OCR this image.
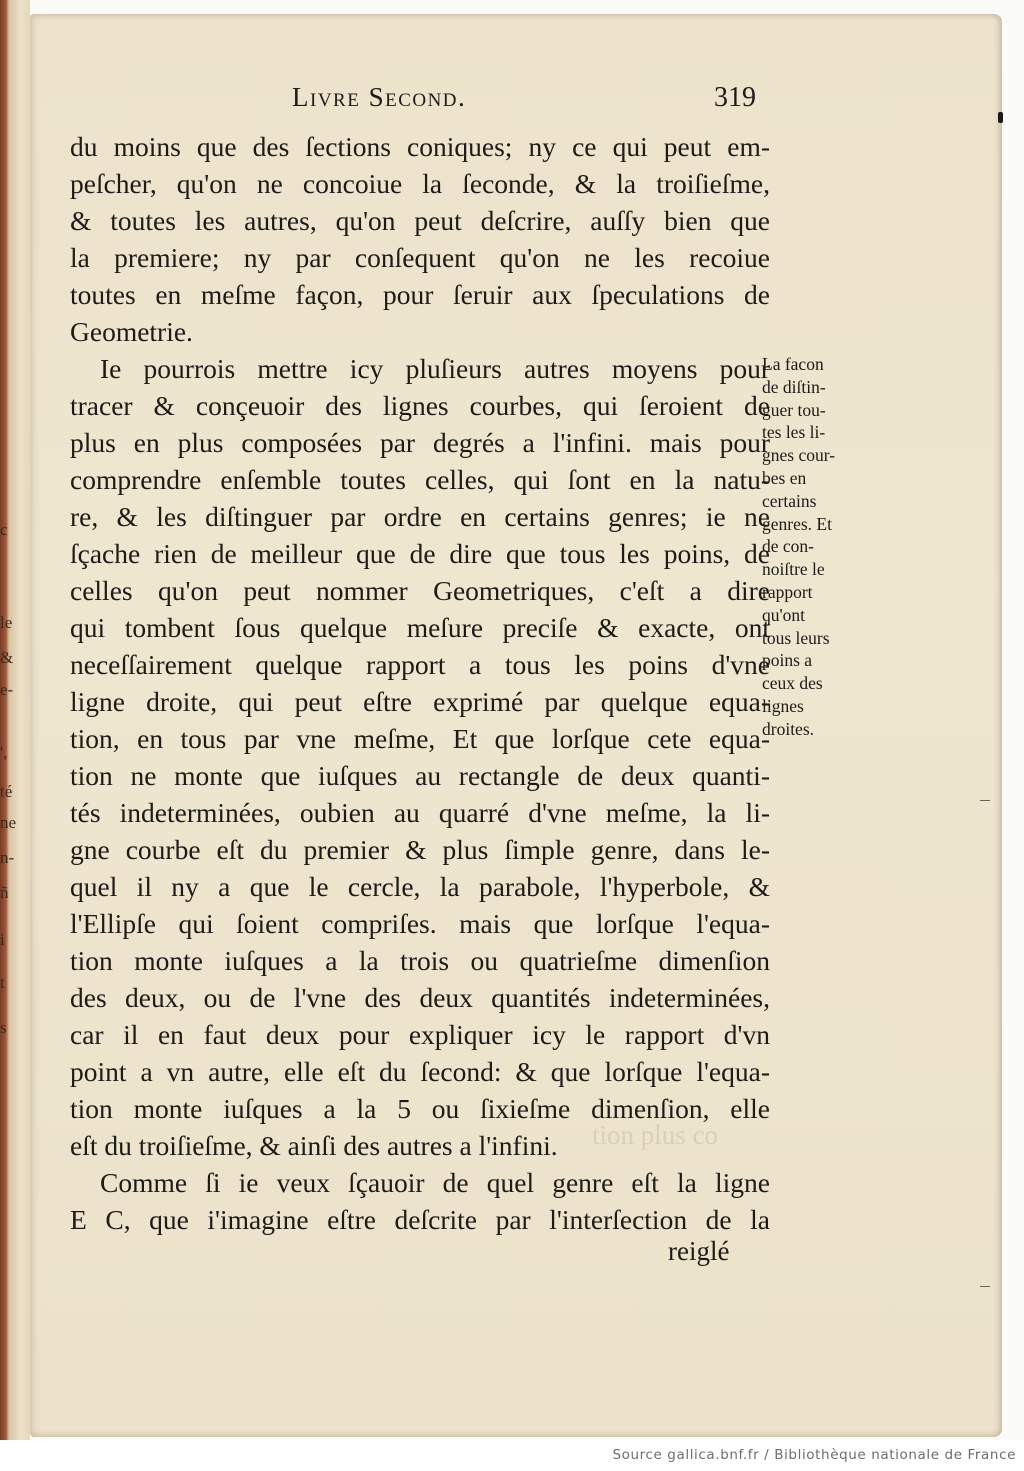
c
le
&
e-
',
té
ne
n-
ñ
i
t
s
tion plus co
Livre Second.	319
du moins que des ſections coniques; ny ce qui peut em-
peſcher, qu'on ne concoiue la ſeconde, & la troiſieſme,
& toutes les autres, qu'on peut deſcrire, auſſy bien que
la premiere; ny par conſequent qu'on ne les recoiue
toutes en meſme façon, pour ſeruir aux ſpeculations de
Geometrie.
Ie pourrois mettre icy pluſieurs autres moyens pour
tracer & conçeuoir des lignes courbes, qui ſeroient de
plus en plus composées par degrés a l'infini. mais pour
comprendre enſemble toutes celles, qui ſont en la natu-
re, & les diſtinguer par ordre en certains genres; ie ne
ſçache rien de meilleur que de dire que tous les poins, de
celles qu'on peut nommer Geometriques, c'eſt a dire
qui tombent ſous quelque meſure preciſe & exacte, ont
neceſſairement quelque rapport a tous les poins d'vne
ligne droite, qui peut eſtre exprimé par quelque equa-
tion, en tous par vne meſme, Et que lorſque cete equa-
tion ne monte que iuſques au rectangle de deux quanti-
tés indeterminées, oubien au quarré d'vne meſme, la li-
gne courbe eſt du premier & plus ſimple genre, dans le-
quel il ny a que le cercle, la parabole, l'hyperbole, &
l'Ellipſe qui ſoient compriſes. mais que lorſque l'equa-
tion monte iuſques a la trois ou quatrieſme dimenſion
des deux, ou de l'vne des deux quantités indeterminées,
car il en faut deux pour expliquer icy le rapport d'vn
point a vn autre, elle eſt du ſecond: & que lorſque l'equa-
tion monte iuſques a la 5 ou ſixieſme dimenſion, elle
eſt du troiſieſme, & ainſi des autres a l'infini.
Comme ſi ie veux ſçauoir de quel genre eſt la ligne
E C, que i'imagine eſtre deſcrite par l'interſection de la
La facon
de diſtin-
guer tou-
tes les li-
gnes cour-
bes en
certains
genres. Et
de con-
noiſtre le
rapport
qu'ont
tous leurs
poins a
ceux des
lignes
droites.
reiglé
Source gallica.bnf.fr / Bibliothèque nationale de France
